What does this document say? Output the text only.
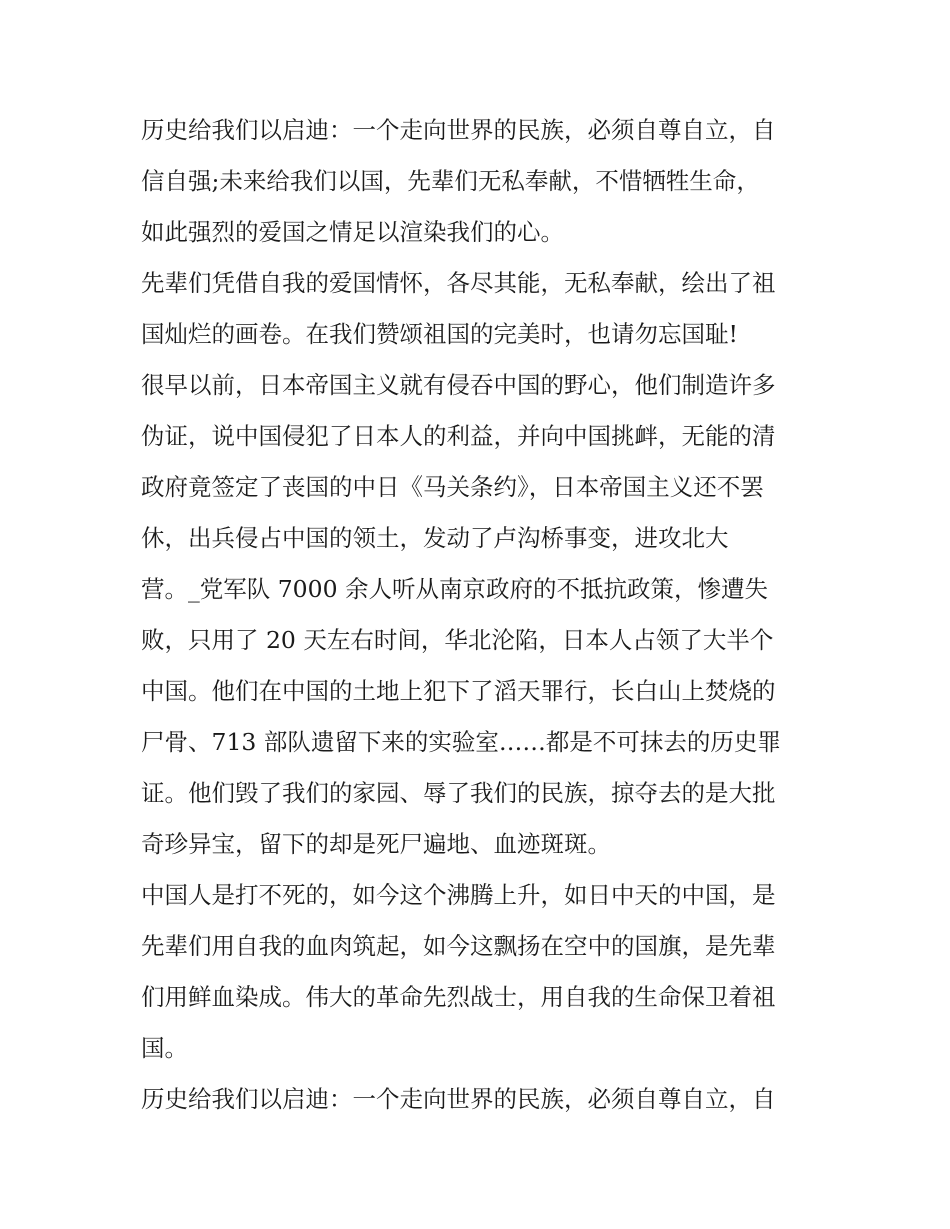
历史给我们以启迪：一个走向世界的民族，必须自尊自立，自
信自强;未来给我们以国，先辈们无私奉献，不惜牺牲生命，
如此强烈的爱国之情足以渲染我们的心。
先辈们凭借自我的爱国情怀，各尽其能，无私奉献，绘出了祖
国灿烂的画卷。在我们赞颂祖国的完美时，也请勿忘国耻!
很早以前，日本帝国主义就有侵吞中国的野心，他们制造许多
伪证，说中国侵犯了日本人的利益，并向中国挑衅，无能的清
政府竟签定了丧国的中日《马关条约》，日本帝国主义还不罢
休，出兵侵占中国的领土，发动了卢沟桥事变，进攻北大
营。_党军队 7000 余人听从南京政府的不抵抗政策，惨遭失
败，只用了 20 天左右时间，华北沦陷，日本人占领了大半个
中国。他们在中国的土地上犯下了滔天罪行，长白山上焚烧的
尸骨、713 部队遗留下来的实验室……都是不可抹去的历史罪
证。他们毁了我们的家园、辱了我们的民族，掠夺去的是大批
奇珍异宝，留下的却是死尸遍地、血迹斑斑。
中国人是打不死的，如今这个沸腾上升，如日中天的中国，是
先辈们用自我的血肉筑起，如今这飘扬在空中的国旗，是先辈
们用鲜血染成。伟大的革命先烈战士，用自我的生命保卫着祖
国。
历史给我们以启迪：一个走向世界的民族，必须自尊自立，自
